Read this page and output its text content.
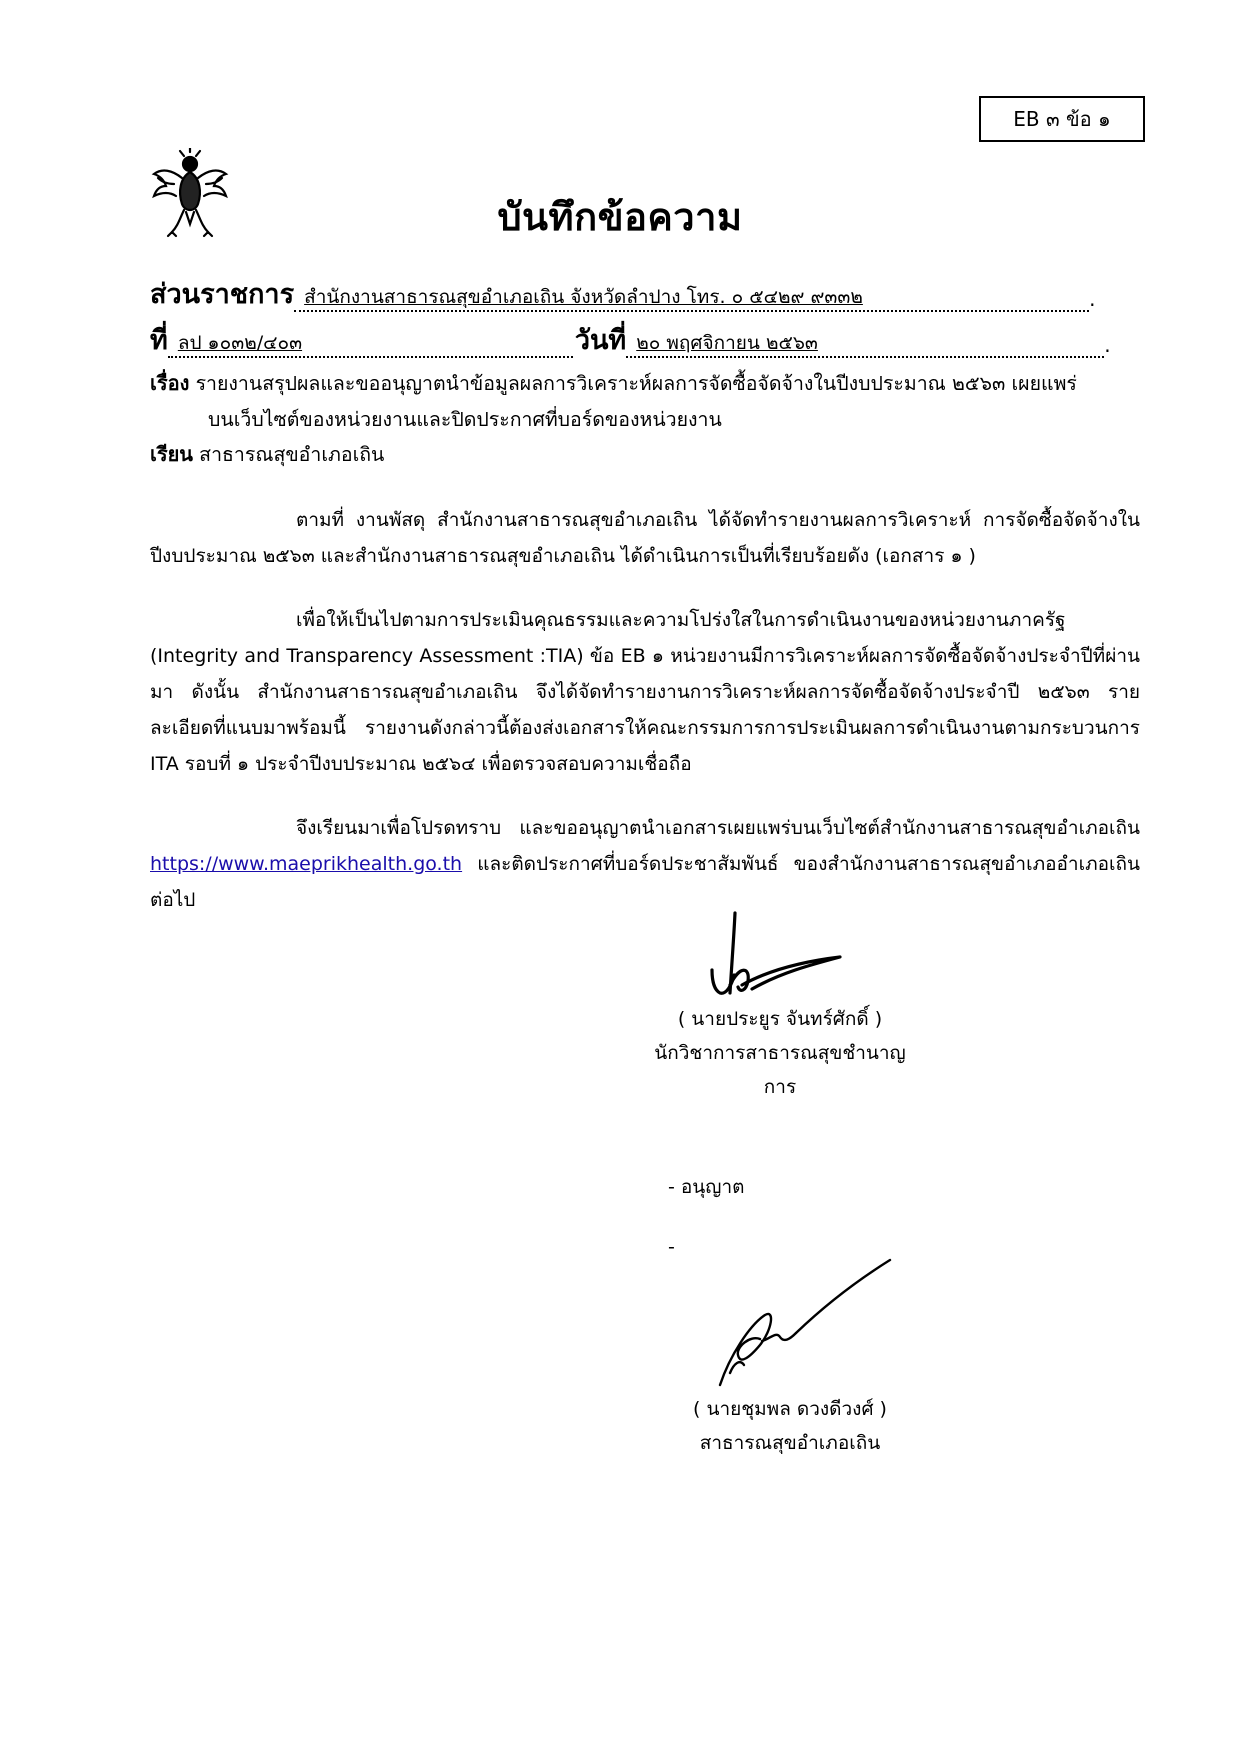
EB ๓ ข้อ ๑
บันทึกข้อความ
ส่วนราชการ สำนักงานสาธารณสุขอำเภอเถิน จังหวัดลำปาง โทร. ๐ ๕๔๒๙ ๙๓๓๒	.
ที่ ลป ๑๐๓๒/๔๐๓	วันที่ ๒๐ พฤศจิกายน ๒๕๖๓	.
เรื่อง รายงานสรุปผลและขออนุญาตนำข้อมูลผลการวิเคราะห์ผลการจัดซื้อจัดจ้างในปีงบประมาณ ๒๕๖๓ เผยแพร่
บนเว็บไซต์ของหน่วยงานและปิดประกาศที่บอร์ดของหน่วยงาน
เรียน สาธารณสุขอำเภอเถิน
ตามที่ งานพัสดุ สำนักงานสาธารณสุขอำเภอเถิน ได้จัดทำรายงานผลการวิเคราะห์ การจัดซื้อจัดจ้างในปีงบประมาณ ๒๕๖๓ และสำนักงานสาธารณสุขอำเภอเถิน ได้ดำเนินการเป็นที่เรียบร้อยดัง (เอกสาร ๑ )
เพื่อให้เป็นไปตามการประเมินคุณธรรมและความโปร่งใสในการดำเนินงานของหน่วยงานภาครัฐ (Integrity and Transparency Assessment :TIA) ข้อ EB ๑ หน่วยงานมีการวิเคราะห์ผลการจัดซื้อจัดจ้างประจำปีที่ผ่านมา ดังนั้น สำนักงานสาธารณสุขอำเภอเถิน จึงได้จัดทำรายงานการวิเคราะห์ผลการจัดซื้อจัดจ้างประจำปี ๒๕๖๓ รายละเอียดที่แนบมาพร้อมนี้ รายงานดังกล่าวนี้ต้องส่งเอกสารให้คณะกรรมการการประเมินผลการดำเนินงานตามกระบวนการ ITA รอบที่ ๑ ประจำปีงบประมาณ ๒๕๖๔ เพื่อตรวจสอบความเชื่อถือ
จึงเรียนมาเพื่อโปรดทราบ และขออนุญาตนำเอกสารเผยแพร่บนเว็บไซต์สำนักงานสาธารณสุขอำเภอเถิน https://www.maeprikhealth.go.th และติดประกาศที่บอร์ดประชาสัมพันธ์ ของสำนักงานสาธารณสุขอำเภออำเภอเถิน ต่อไป
( นายประยูร จันทร์ศักดิ์ )
นักวิชาการสาธารณสุขชำนาญการ
- อนุญาต
-
( นายชุมพล ดวงดีวงศ์ )
สาธารณสุขอำเภอเถิน
